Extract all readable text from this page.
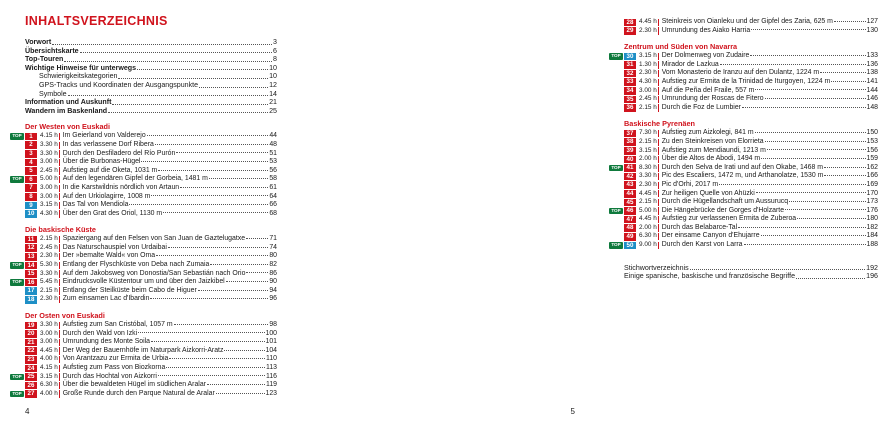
INHALTSVERZEICHNIS
Vorwort	3
Übersichtskarte	6
Top-Touren	8
Wichtige Hinweise für unterwegs	10
Schwierigkeitskategorien	10
GPS-Tracks und Koordinaten der Ausgangspunkte	12
Symbole	14
Information und Auskunft	21
Wandern im Baskenland	25
Der Westen von Euskadi
TOP	1	4.15 h Im Geierland von Valderejo	44
2	3.30 h In das verlassene Dorf Ribera	48
3	3.30 h Durch den Desfiladero del Río Purón	51
4	3.00 h Über die Burbonas-Hügel	53
5	2.45 h Aufstieg auf die Oketa, 1031 m	56
TOP	6	5.00 h Auf den legendären Gipfel der Gorbeia, 1481 m	58
7	3.00 h In die Karstwildnis nördlich von Artaun	61
8	3.00 h Auf den Urkiolagirre, 1008 m	64
9	3.15 h Das Tal von Mendiola	66
10 4.30 h Über den Grat des Oriol, 1130 m	68
Die baskische Küste
11 2.15 h Spaziergang auf den Felsen von San Juan de Gaztelugatxe	71
12 2.45 h Das Naturschauspiel von Urdaibai	74
13 2.30 h Der »bemalte Wald« von Oma	80
TOP 14 5.30 h Entlang der Flyschküste von Deba nach Zumaia	82
15 3.30 h Auf dem Jakobsweg von Donostia/San Sebastián nach Orio	86
TOP 16 5.45 h Eindrucksvolle Küstentour um und über den Jaizkibel	90
17 2.15 h Entlang der Steilküste beim Cabo de Higuer	94
18 2.30 h Zum einsamen Lac d'Ibardin	96
Der Osten von Euskadi
19 3.30 h Aufstieg zum San Cristóbal, 1057 m	98
20 3.00 h Durch den Wald von Izki	100
21 3.00 h Umrundung des Monte Soila	101
22 4.45 h Der Weg der Bauernhöfe im Naturpark Aizkorri-Aratz	104
23 4.00 h Von Arantzazu zur Ermita de Urbia	110
24 4.15 h Aufstieg zum Pass von Biozkorna	113
TOP 25 3.15 h Durch das Hochtal von Aizkorri	116
26 6.30 h Über die bewaldeten Hügel im südlichen Aralar	119
TOP 27 4.00 h Große Runde durch den Parque Natural de Aralar	123
4
28 4.45 h Steinkreis von Oianleku und der Gipfel des Zaria, 625 m	127
29 2.30 h Umrundung des Aiako Harria	130
Zentrum und Süden von Navarra
TOP 30 3.15 h Der Dolmenweg von Zudaire	133
31 1.30 h Mirador de Lazkua	136
32 2.30 h Vom Monasterio de Iranzu auf den Dulantz, 1224 m	138
33 4.30 h Aufstieg zur Ermita de la Trinidad de Iturgoyen, 1224 m	141
34 3.00 h Auf die Peña del Fraile, 557 m	144
35 2.45 h Umrundung der Roscas de Fitero	146
36 2.15 h Durch die Foz de Lumbier	148
Baskische Pyrenäen
37 7.30 h Aufstieg zum Aizkolegi, 841 m	150
38 2.15 h Zu den Steinkreisen von Elorrieta	153
39 3.15 h Aufstieg zum Mendiaundi, 1213 m	156
40 2.00 h Über die Altos de Abodi, 1494 m	159
TOP 41 8.30 h Durch den Selva de Irati und auf den Okabe, 1468 m	162
42 3.30 h Pic des Escaliers, 1472 m, und Arthanolatze, 1530 m	166
43 2.30 h Pic d'Orhi, 2017 m	169
44 4.45 h Zur heiligen Quelle von Ahüzki	170
45 2.15 h Durch die Hügellandschaft um Aussurucq	173
TOP 46 5.00 h Die Hängebrücke der Gorges d'Holzarte	176
47 4.45 h Aufstieg zur verlassenen Ermita de Zuberoa	180
48 2.00 h Durch das Belabarce-Tal	182
49 6.30 h Der einsame Canyon d'Ehujarre	184
TOP 50 9.00 h Durch den Karst von Larra	188
Stichwortverzeichnis	192
Einige spanische, baskische und französische Begriffe	196
5
